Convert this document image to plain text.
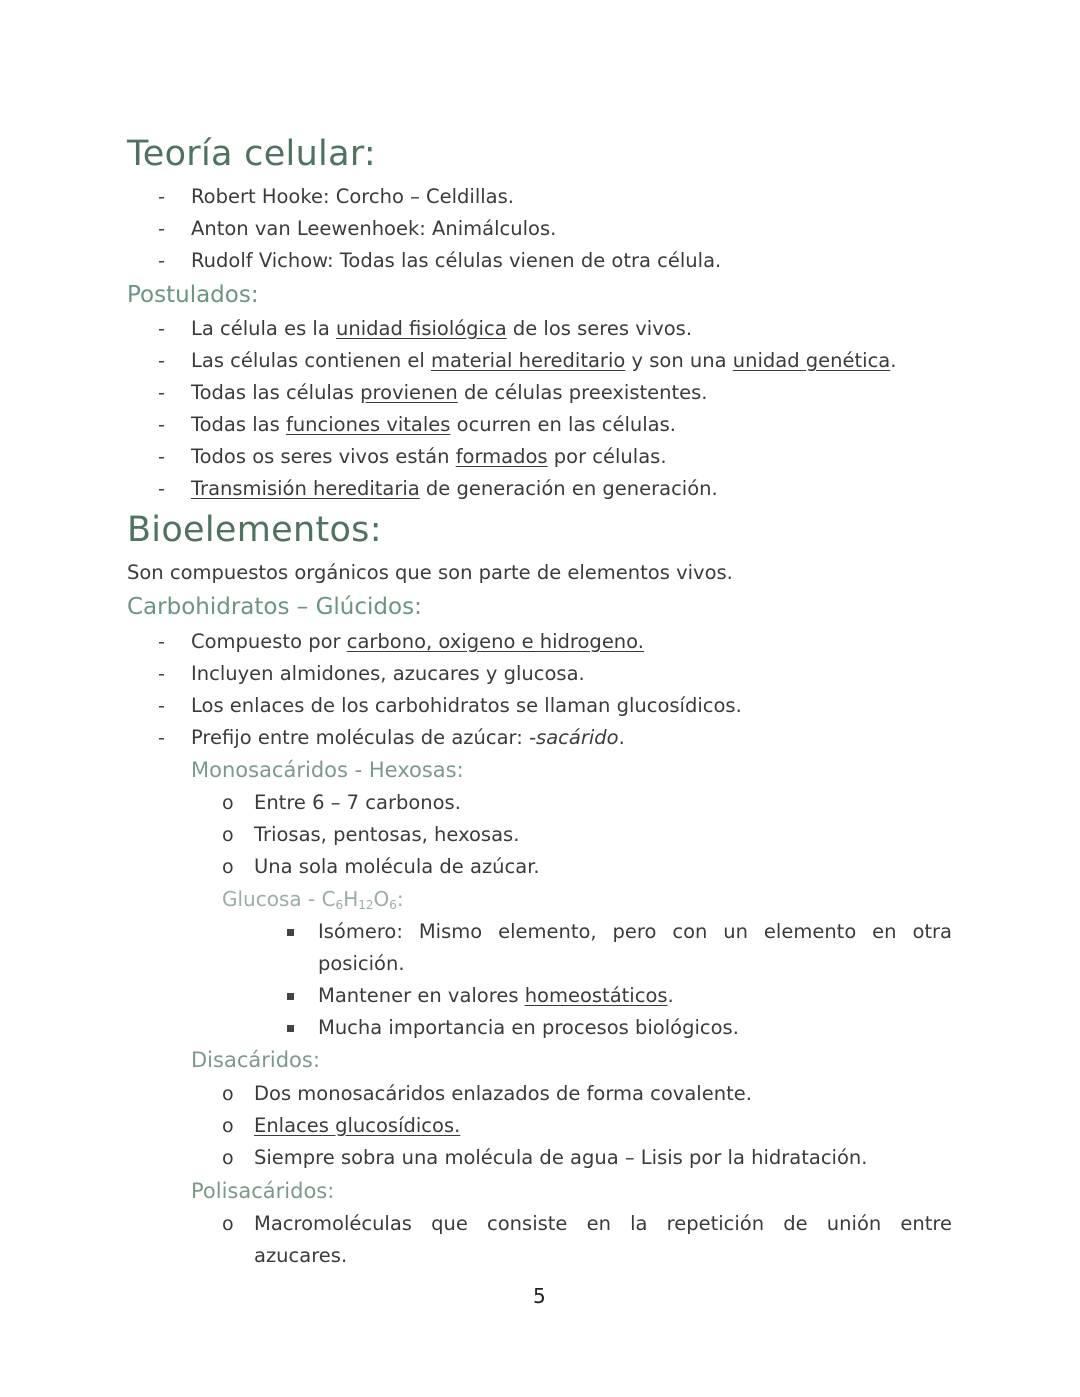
Teoría celular:
- Robert Hooke: Corcho – Celdillas.
- Anton van Leewenhoek: Animálculos.
- Rudolf Vichow: Todas las células vienen de otra célula.
Postulados:
- La célula es la unidad fisiológica de los seres vivos.
- Las células contienen el material hereditario y son una unidad genética.
- Todas las células provienen de células preexistentes.
- Todas las funciones vitales ocurren en las células.
- Todos os seres vivos están formados por células.
- Transmisión hereditaria de generación en generación.
Bioelementos:
Son compuestos orgánicos que son parte de elementos vivos.
Carbohidratos – Glúcidos:
- Compuesto por carbono, oxigeno e hidrogeno.
- Incluyen almidones, azucares y glucosa.
- Los enlaces de los carbohidratos se llaman glucosídicos.
- Prefijo entre moléculas de azúcar: -sacárido.
Monosacáridos - Hexosas:
o Entre 6 – 7 carbonos.
o Triosas, pentosas, hexosas.
o Una sola molécula de azúcar.
Glucosa - $C_6H_{12}O_6$:
Isómero: Mismo elemento, pero con un elemento en otra
posición.
Mantener en valores homeostáticos.
Mucha importancia en procesos biológicos.
Disacáridos:
o Dos monosacáridos enlazados de forma covalente.
o Enlaces glucosídicos.
o Siempre sobra una molécula de agua – Lisis por la hidratación.
Polisacáridos:
o Macromoléculas que consiste en la repetición de unión entre
azucares.
5
